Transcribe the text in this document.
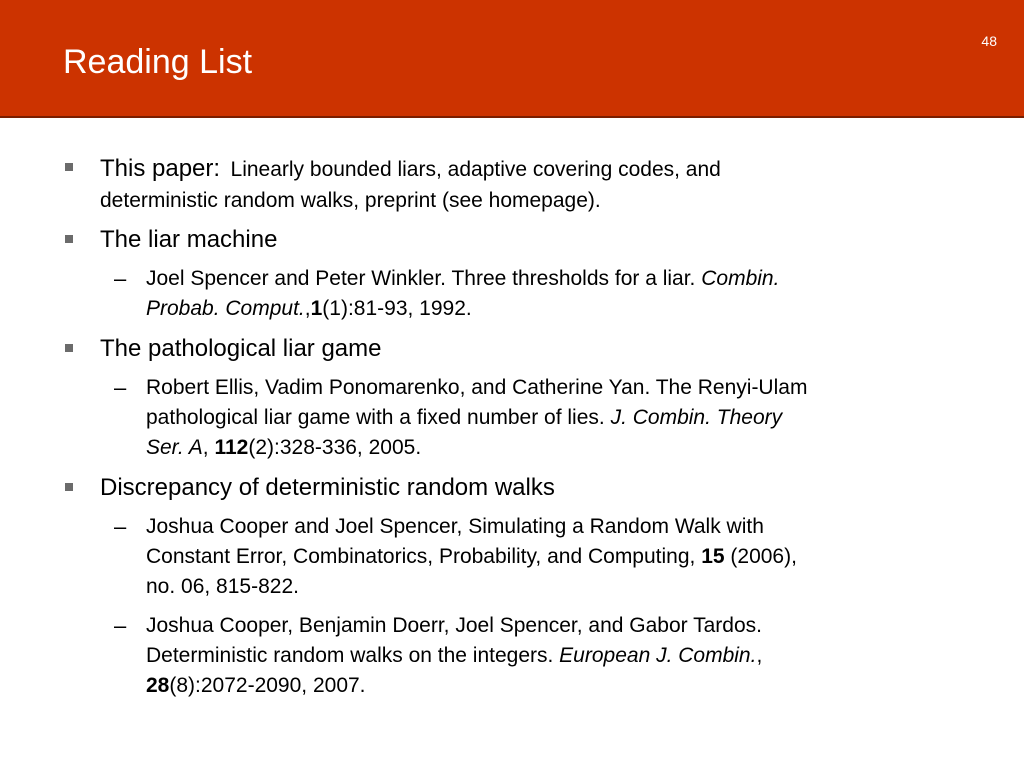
Reading List
48
This paper: Linearly bounded liars, adaptive covering codes, and
deterministic random walks, preprint (see homepage).
The liar machine
– Joel Spencer and Peter Winkler. Three thresholds for a liar. Combin.
Probab. Comput.,1(1):81-93, 1992.
The pathological liar game
– Robert Ellis, Vadim Ponomarenko, and Catherine Yan. The Renyi-Ulam
pathological liar game with a fixed number of lies. J. Combin. Theory
Ser. A, 112(2):328-336, 2005.
Discrepancy of deterministic random walks
– Joshua Cooper and Joel Spencer, Simulating a Random Walk with
Constant Error, Combinatorics, Probability, and Computing, 15 (2006),
no. 06, 815-822.
– Joshua Cooper, Benjamin Doerr, Joel Spencer, and Gabor Tardos.
Deterministic random walks on the integers. European J. Combin.,
28(8):2072-2090, 2007.
